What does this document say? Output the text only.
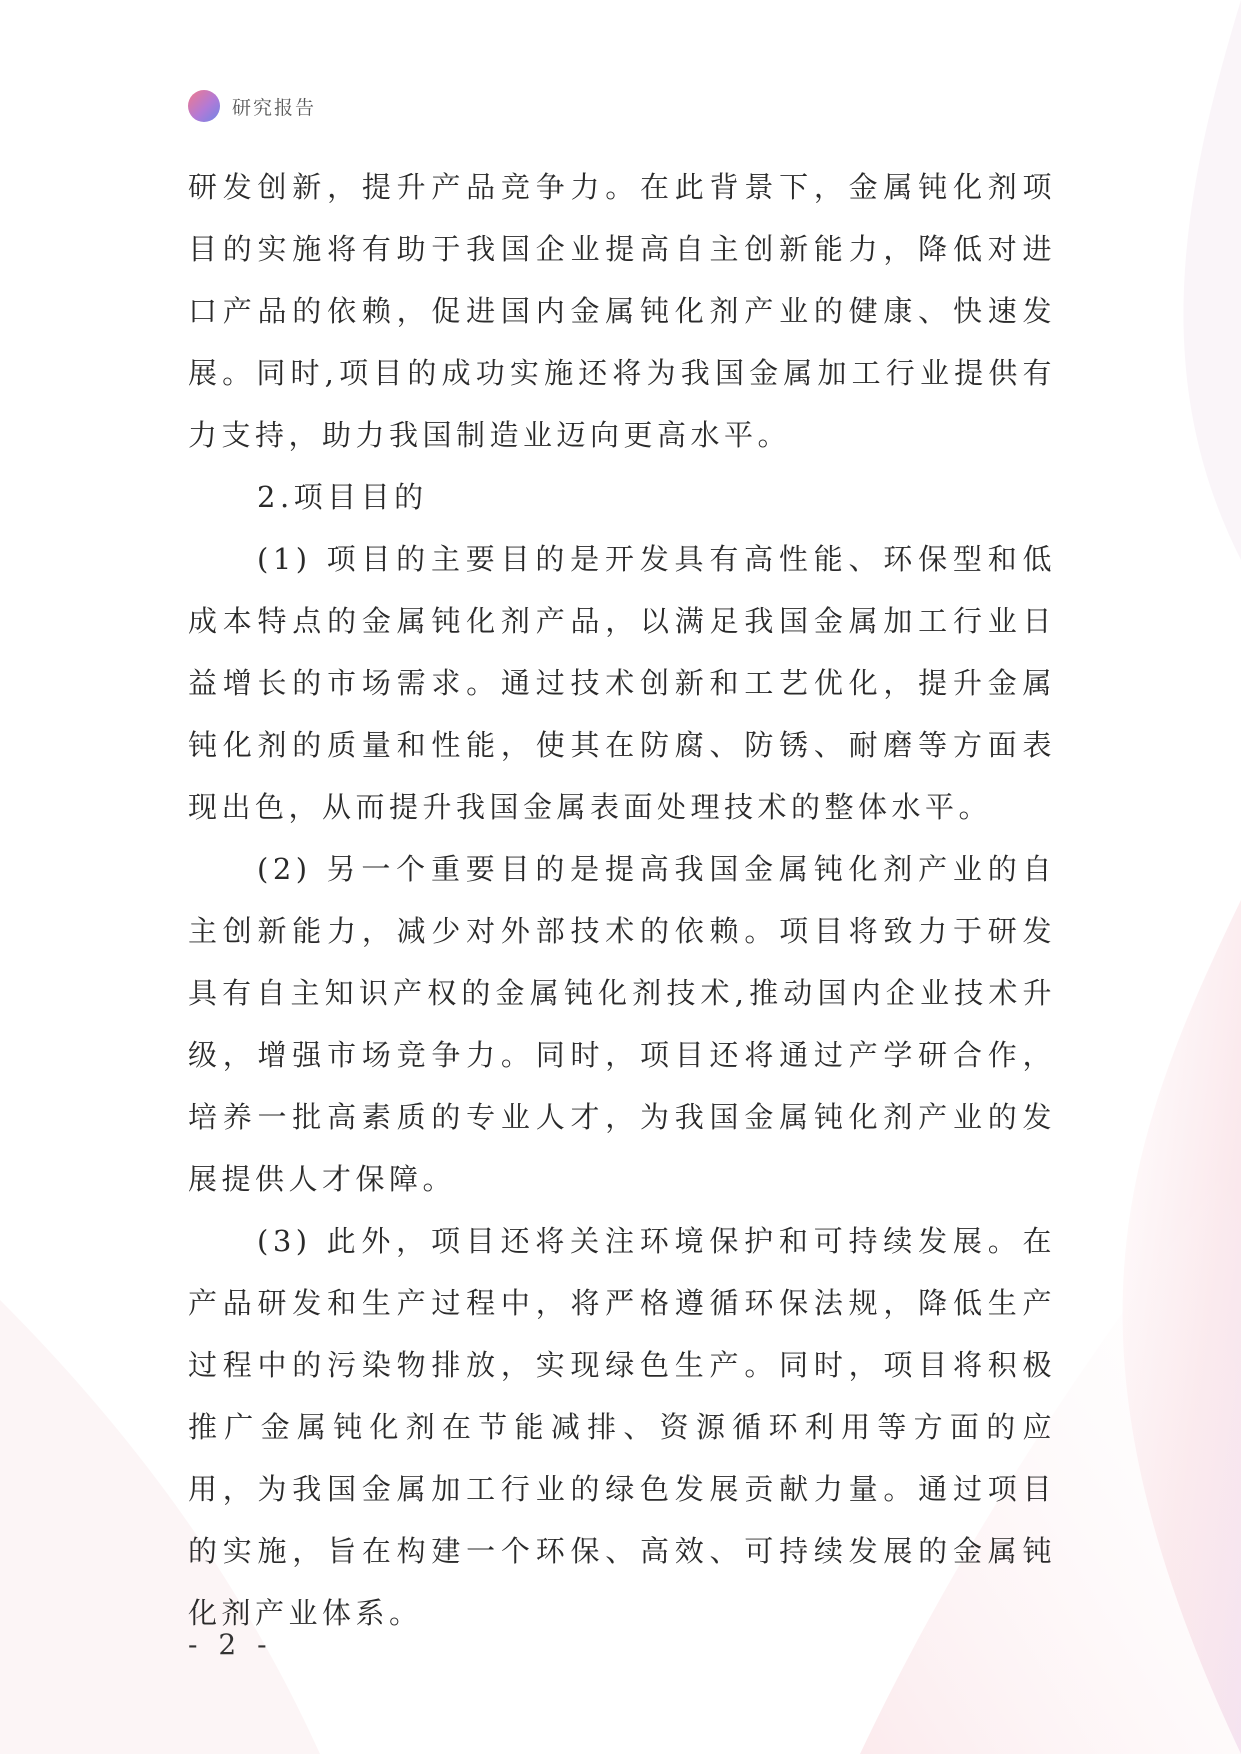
研究报告

研发创新，提升产品竞争力。在此背景下，金属钝化剂项目的实施将有助于我国企业提高自主创新能力，降低对进口产品的依赖，促进国内金属钝化剂产业的健康、快速发展。同时,项目的成功实施还将为我国金属加工行业提供有力支持，助力我国制造业迈向更高水平。

2.项目目的

(1) 项目的主要目的是开发具有高性能、环保型和低成本特点的金属钝化剂产品，以满足我国金属加工行业日益增长的市场需求。通过技术创新和工艺优化，提升金属钝化剂的质量和性能，使其在防腐、防锈、耐磨等方面表现出色，从而提升我国金属表面处理技术的整体水平。

(2) 另一个重要目的是提高我国金属钝化剂产业的自主创新能力，减少对外部技术的依赖。项目将致力于研发具有自主知识产权的金属钝化剂技术,推动国内企业技术升级，增强市场竞争力。同时，项目还将通过产学研合作，培养一批高素质的专业人才，为我国金属钝化剂产业的发展提供人才保障。

(3) 此外，项目还将关注环境保护和可持续发展。在产品研发和生产过程中，将严格遵循环保法规，降低生产过程中的污染物排放，实现绿色生产。同时，项目将积极推广金属钝化剂在节能减排、资源循环利用等方面的应用，为我国金属加工行业的绿色发展贡献力量。通过项目的实施，旨在构建一个环保、高效、可持续发展的金属钝化剂产业体系。

- 2 -
